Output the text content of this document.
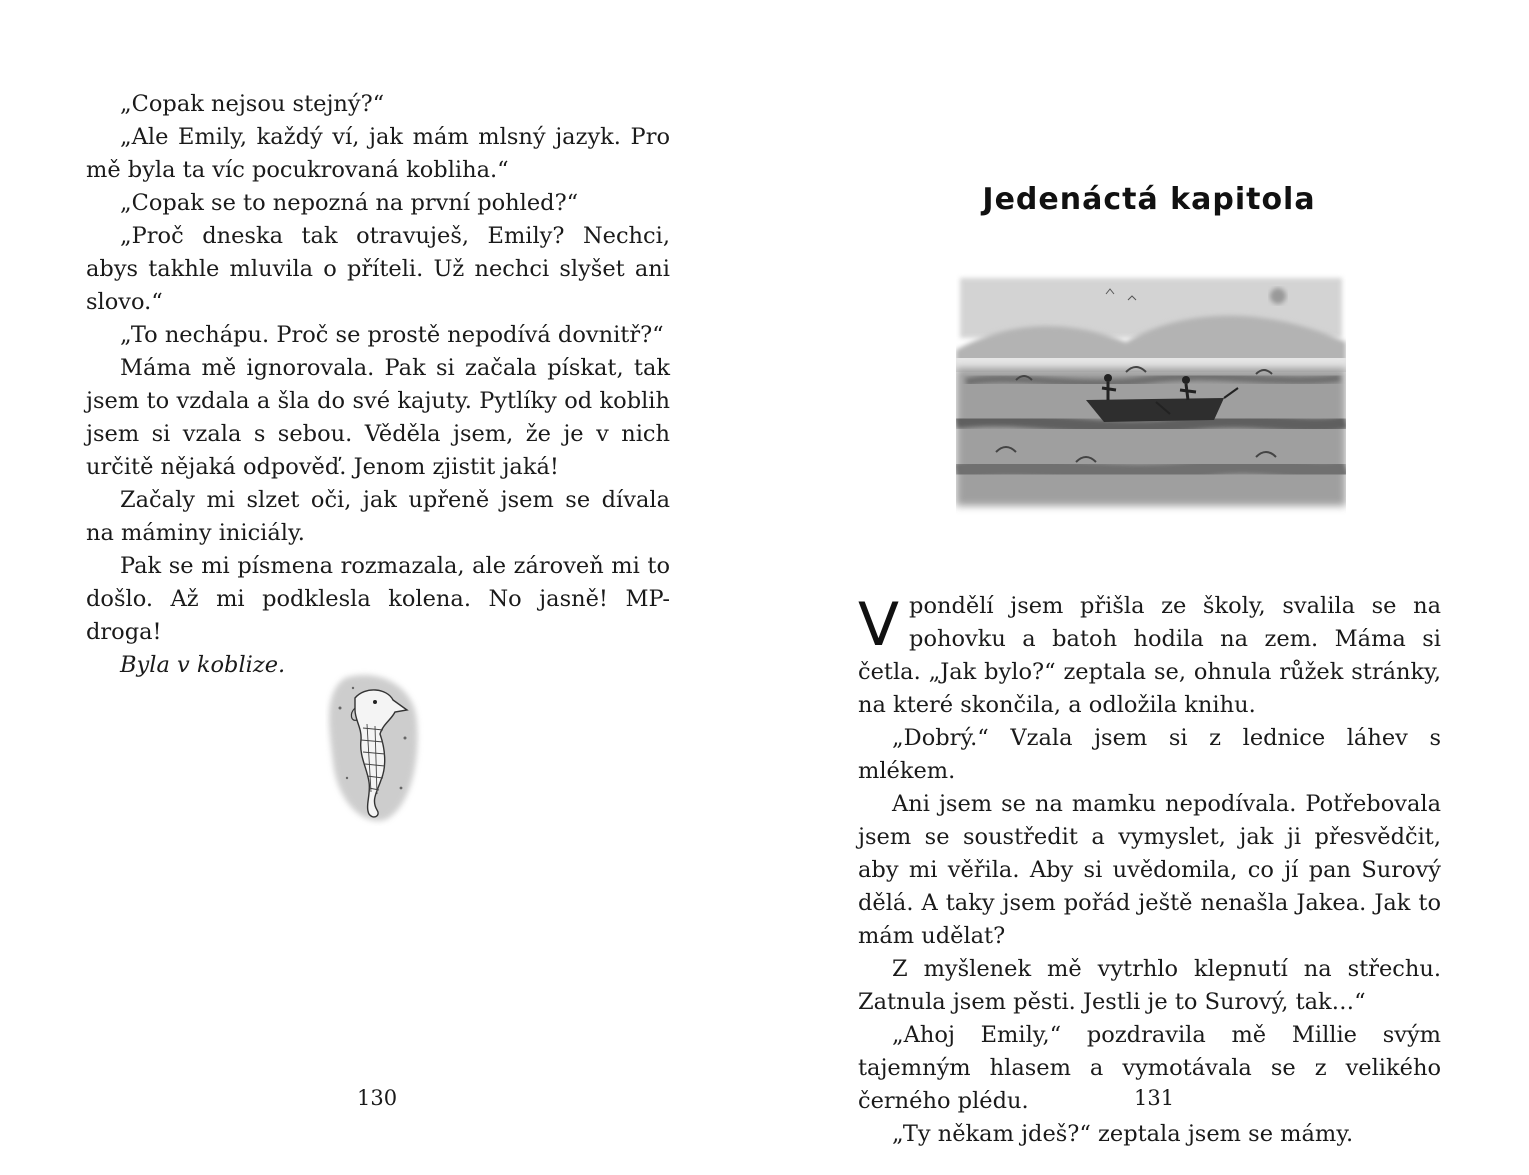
„Copak nejsou stejný?“

„Ale Emily, každý ví, jak mám mlsný jazyk. Pro mě byla ta víc pocukrovaná kobliha.“

„Copak se to nepozná na první pohled?“

„Proč dneska tak otravuješ, Emily? Nechci, abys takhle mluvila o příteli. Už nechci slyšet ani slovo.“

„To nechápu. Proč se prostě nepodívá dovnitř?“

Máma mě ignorovala. Pak si začala pískat, tak jsem to vzdala a šla do své kajuty. Pytlíky od koblih jsem si vzala s sebou. Věděla jsem, že je v nich určitě nějaká odpověď. Jenom zjistit jaká!

Začaly mi slzet oči, jak upřeně jsem se dívala na máminy iniciály.

Pak se mi písmena rozmazala, ale zároveň mi to došlo. Až mi podklesla kolena. No jasně! MP-droga!

Byla v koblize.

130
Jedenáctá kapitola

Vpondělí jsem přišla ze školy, svalila se na pohovku a batoh hodila na zem. Máma si četla. „Jak bylo?“ zeptala se, ohnula růžek stránky, na které skončila, a odložila knihu.

„Dobrý.“ Vzala jsem si z lednice láhev s mlékem.

Ani jsem se na mamku nepodívala. Potřebovala jsem se soustředit a vymyslet, jak ji přesvědčit, aby mi věřila. Aby si uvědomila, co jí pan Surový dělá. A taky jsem pořád ještě nenašla Jakea. Jak to mám udělat?

Z myšlenek mě vytrhlo klepnutí na střechu. Zatnula jsem pěsti. Jestli je to Surový, tak…“

„Ahoj Emily,“ pozdravila mě Millie svým tajemným hlasem a vymotávala se z velikého černého plédu.

„Ty někam jdeš?“ zeptala jsem se mámy.

131
